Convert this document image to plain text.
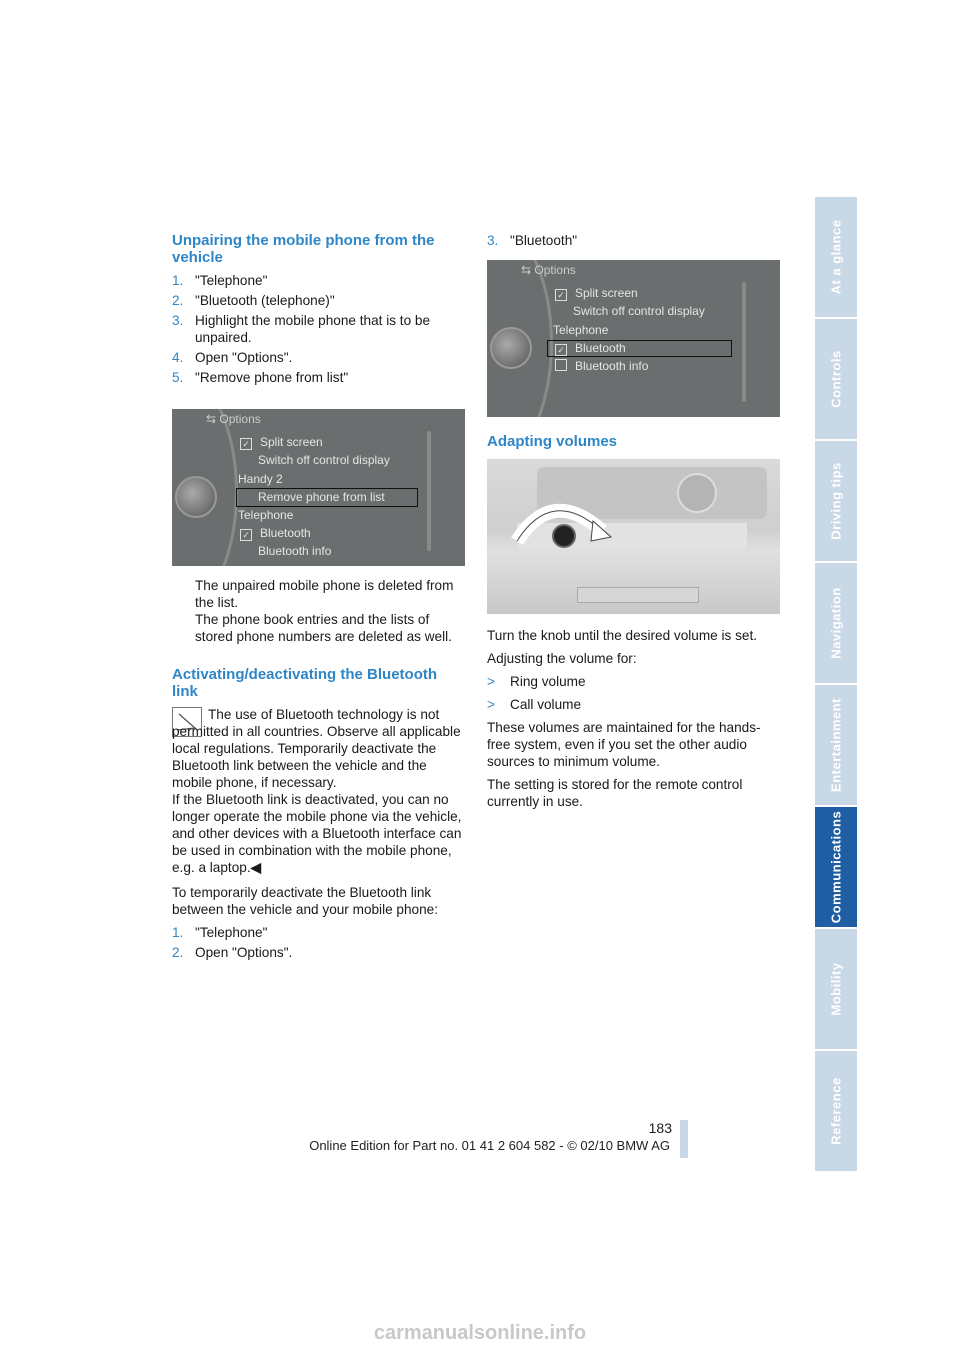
Unpairing the mobile phone from the vehicle
1. "Telephone"
2. "Bluetooth (telephone)"
3. Highlight the mobile phone that is to be unpaired.
4. Open "Options".
5. "Remove phone from list"
⇆ Options
✓ Split screen
Switch off control display
Handy 2
Remove phone from list
Telephone
✓ Bluetooth
Bluetooth info

The unpaired mobile phone is deleted from the list.

The phone book entries and the lists of stored phone numbers are deleted as well.

Activating/deactivating the Bluetooth link

The use of Bluetooth technology is not permitted in all countries. Observe all applicable local regulations. Temporarily deactivate the Bluetooth link between the vehicle and the mobile phone, if necessary.

If the Bluetooth link is deactivated, you can no longer operate the mobile phone via the vehicle, and other devices with a Bluetooth interface can be used in combination with the mobile phone, e.g. a laptop.◀

To temporarily deactivate the Bluetooth link between the vehicle and your mobile phone:

1. "Telephone"
2. Open "Options".
3. "Bluetooth"
⇆ Options
✓ Split screen
Switch off control display
Telephone
✓ Bluetooth
Bluetooth info
Adapting volumes

Turn the knob until the desired volume is set.

Adjusting the volume for:

> Ring volume
> Call volume

These volumes are maintained for the hands-free system, even if you set the other audio sources to minimum volume.

The setting is stored for the remote control currently in use.

At a glance
Controls
Driving tips
Navigation
Entertainment
Communications
Mobility
Reference
183
Online Edition for Part no. 01 41 2 604 582 - © 02/10 BMW AG
carmanualsonline.info
